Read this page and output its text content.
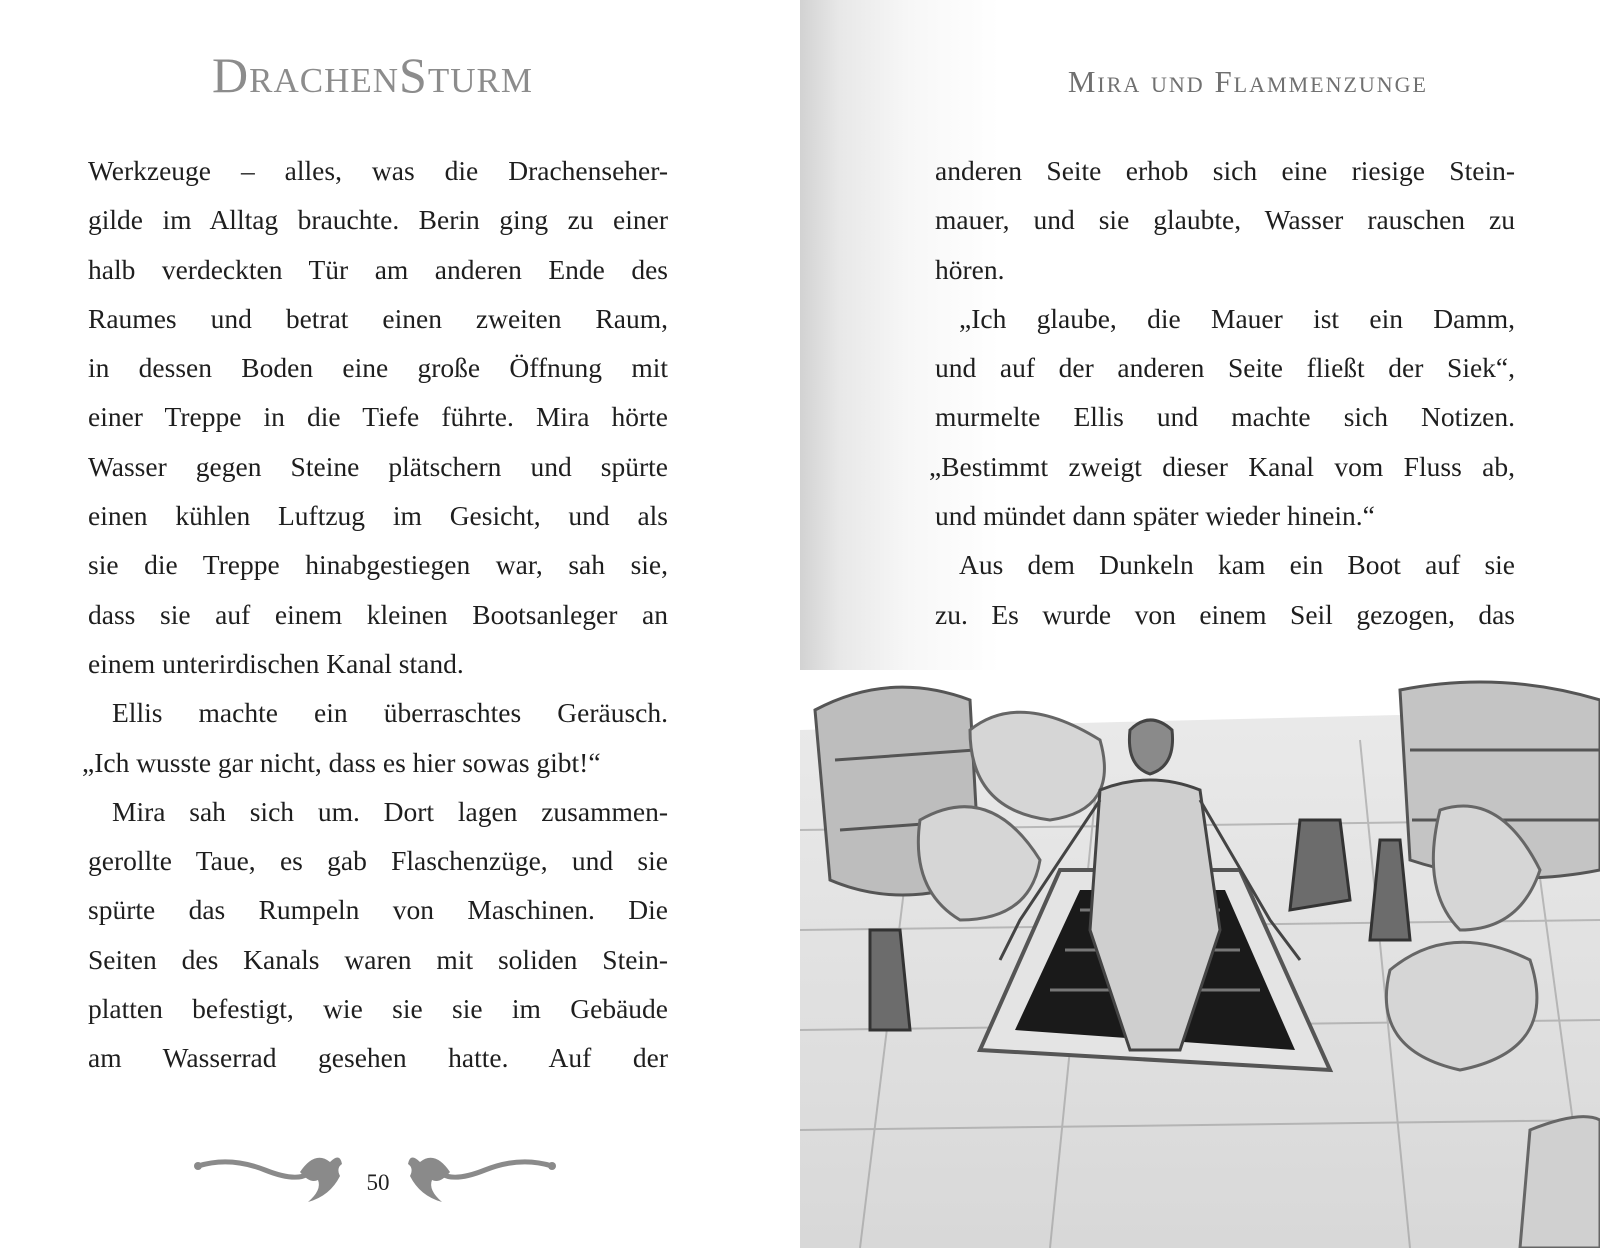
DrachenSturm
Werkzeuge – alles, was die Drachenseher-
gilde im Alltag brauchte. Berin ging zu einer
halb verdeckten Tür am anderen Ende des
Raumes und betrat einen zweiten Raum,
in dessen Boden eine große Öffnung mit
einer Treppe in die Tiefe führte. Mira hörte
Wasser gegen Steine plätschern und spürte
einen kühlen Luftzug im Gesicht, und als
sie die Treppe hinabgestiegen war, sah sie,
dass sie auf einem kleinen Bootsanleger an
einem unterirdischen Kanal stand.
Ellis machte ein überraschtes Geräusch.
„Ich wusste gar nicht, dass es hier sowas gibt!“
Mira sah sich um. Dort lagen zusammen-
gerollte Taue, es gab Flaschenzüge, und sie
spürte das Rumpeln von Maschinen. Die
Seiten des Kanals waren mit soliden Stein-
platten befestigt, wie sie sie im Gebäude
am Wasserrad gesehen hatte. Auf der
50
Mira und Flammenzunge
anderen Seite erhob sich eine riesige Stein-
mauer, und sie glaubte, Wasser rauschen zu
hören.
„Ich glaube, die Mauer ist ein Damm,
und auf der anderen Seite fließt der Siek“,
murmelte Ellis und machte sich Notizen.
„Bestimmt zweigt dieser Kanal vom Fluss ab,
und mündet dann später wieder hinein.“
Aus dem Dunkeln kam ein Boot auf sie
zu. Es wurde von einem Seil gezogen, das
